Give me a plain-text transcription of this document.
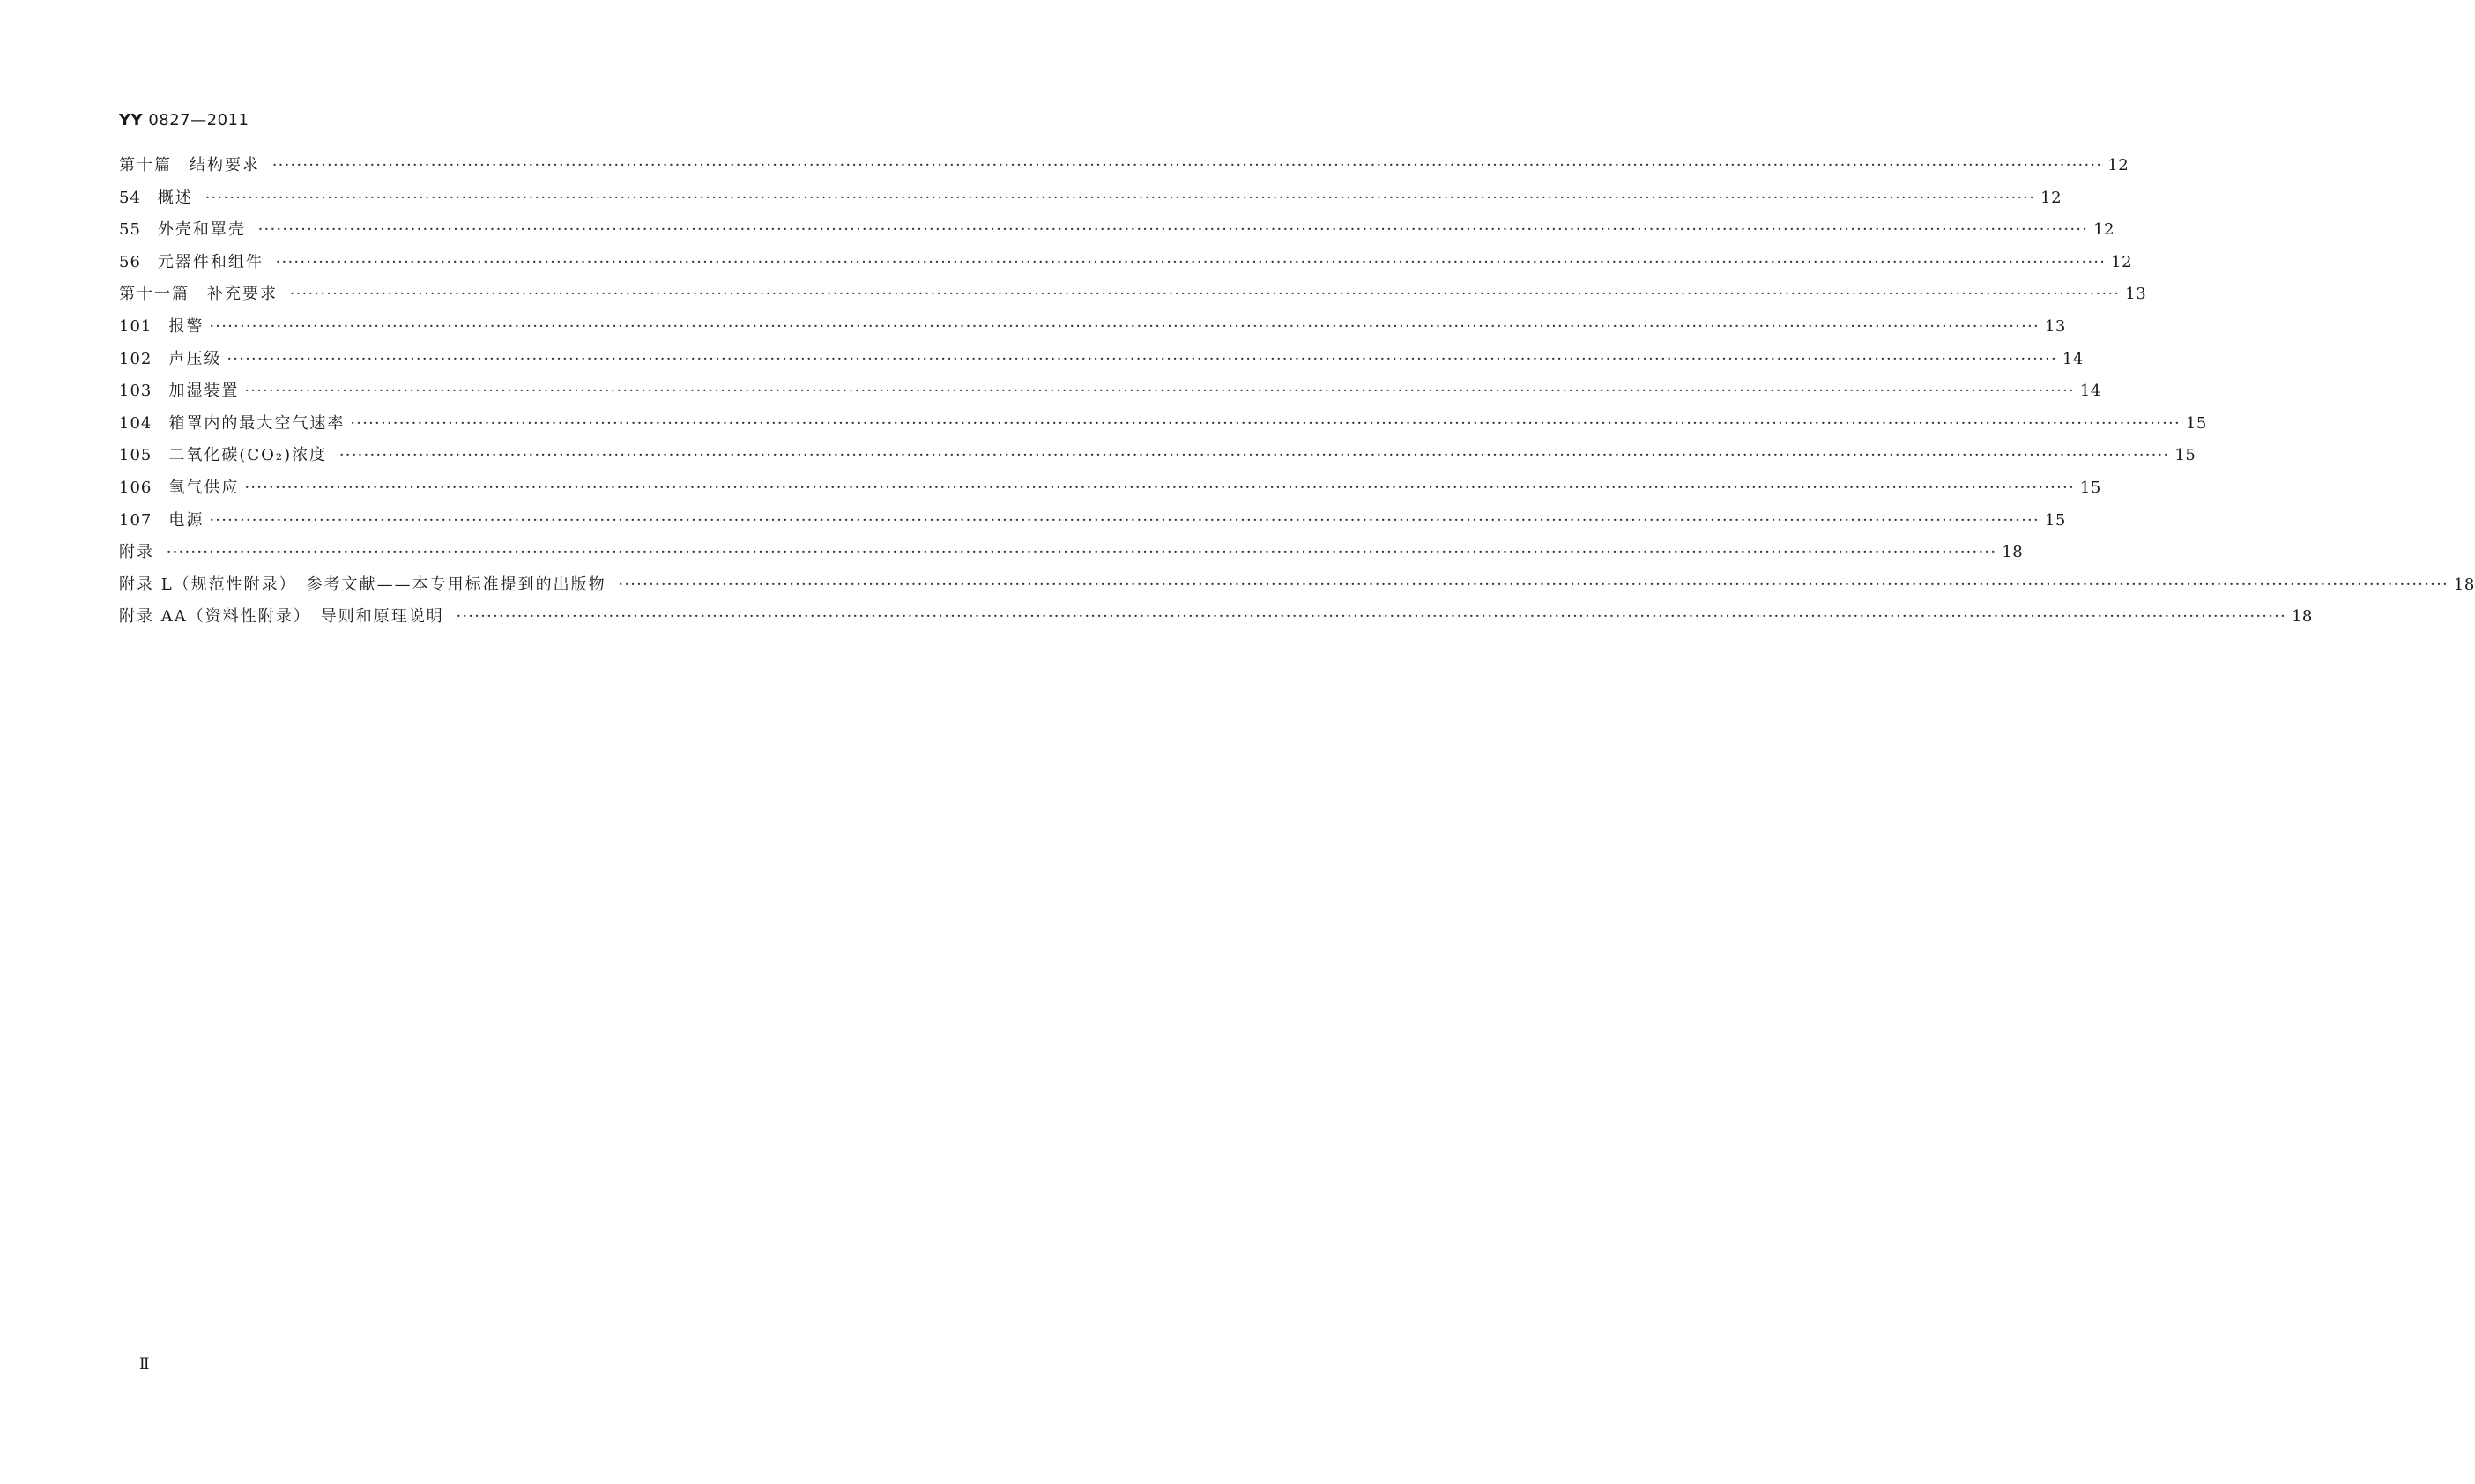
YY 0827—2011
第十篇　结构要求 ············································································································································································································································································································ 12
54　 概述 ············································································································································································································································································································ 12
55　 外壳和罩壳 ············································································································································································································································································································ 12
56　 元器件和组件 ············································································································································································································································································································ 12
第十一篇　补充要求 ············································································································································································································································································································ 13
101　 报警 ············································································································································································································································································································ 13
102　 声压级 ············································································································································································································································································································ 14
103　 加湿装置 ············································································································································································································································································································ 14
104　 箱罩内的最大空气速率 ············································································································································································································································································································ 15
105　 二氧化碳(CO₂)浓度 ············································································································································································································································································································ 15
106　 氧气供应 ············································································································································································································································································································ 15
107　 电源 ············································································································································································································································································································ 15
附录 ············································································································································································································································································································ 18
附录 L（规范性附录）　参考文献——本专用标准提到的出版物 ············································································································································································································································································································ 18
附录 AA（资料性附录）　导则和原理说明 ············································································································································································································································································································ 18
Ⅱ
